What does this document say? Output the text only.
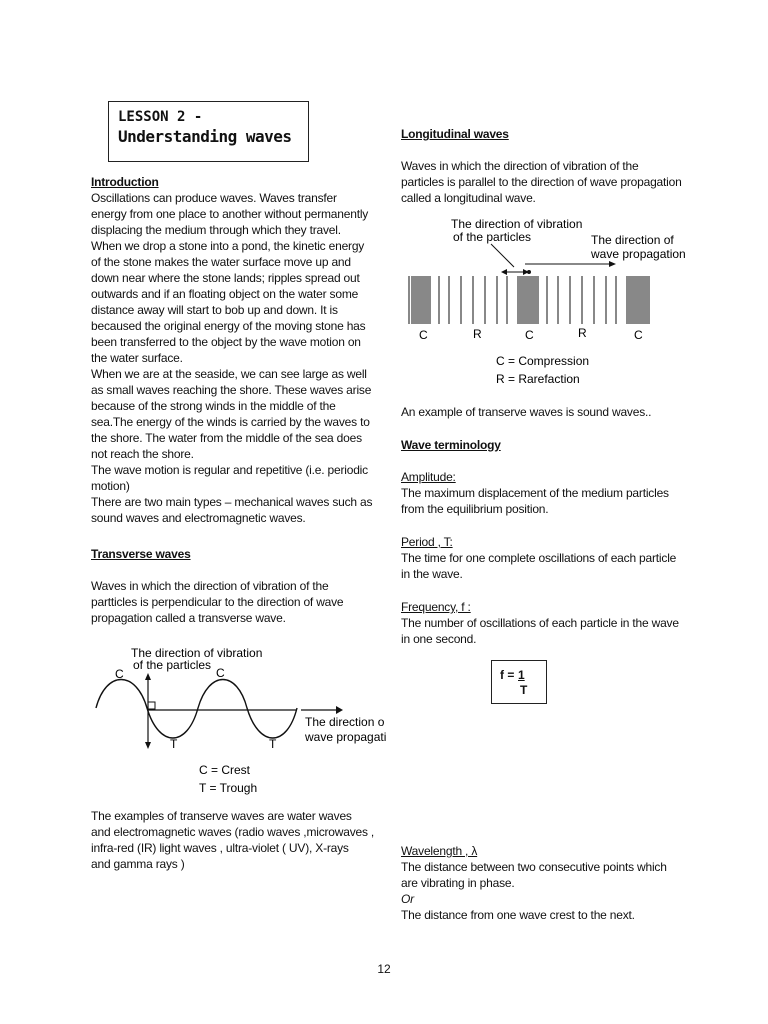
LESSON 2 -
Understanding waves

Introduction

Oscillations can produce waves. Waves transfer
energy from one place to another without permanently
displacing the medium through which they travel.
When we drop a stone into a pond, the kinetic energy
of the stone makes the water surface move up and
down near where the stone lands; ripples spread out
outwards and if an floating object on the water some
distance away will start to bob up and down. It is
becaused the original energy of the moving stone has
been transferred to the object by the wave motion on
the water surface.
When we are at the seaside, we can see large as well
as small waves reaching the shore. These waves arise
because of the strong winds in the middle of the
sea.The energy of the winds is carried by the waves to
the shore. The water from the middle of the sea does
not reach the shore.
The wave motion is regular and repetitive (i.e. periodic
motion)
There are two main types – mechanical waves such as
sound waves and electromagnetic waves.

Transverse waves

Waves in which the direction of vibration of the
partticles is perpendicular to the direction of wave
propagation called a transverse wave.

The direction of vibration
of the particles
C	C
The direction o
wave propagati
T	T
C = Crest
T = Trough

The examples of transerve waves are water waves
and electromagnetic waves (radio waves ,microwaves ,
infra-red (IR) light waves , ultra-violet ( UV), X-rays
and gamma rays )

Longitudinal waves

Waves in which the direction of vibration of the
particles is parallel to the direction of wave propagation
called a longitudinal wave.

The direction of vibration
of the particles	The direction of
wave propagation
C	R	C	R	C
C = Compression
R = Rarefaction

An example of transerve waves is sound waves..

Wave terminology

Amplitude:

The maximum displacement of the medium particles
from the equilibrium position.

Period , T:

The time for one complete oscillations of each particle
in the wave.

Frequency, f :

The number of oscillations of each particle in the wave
in one second.

f = 1
T

Wavelength , λ

The distance between two consecutive points which
are vibrating in phase.

Or

The distance from one wave crest to the next.

12
